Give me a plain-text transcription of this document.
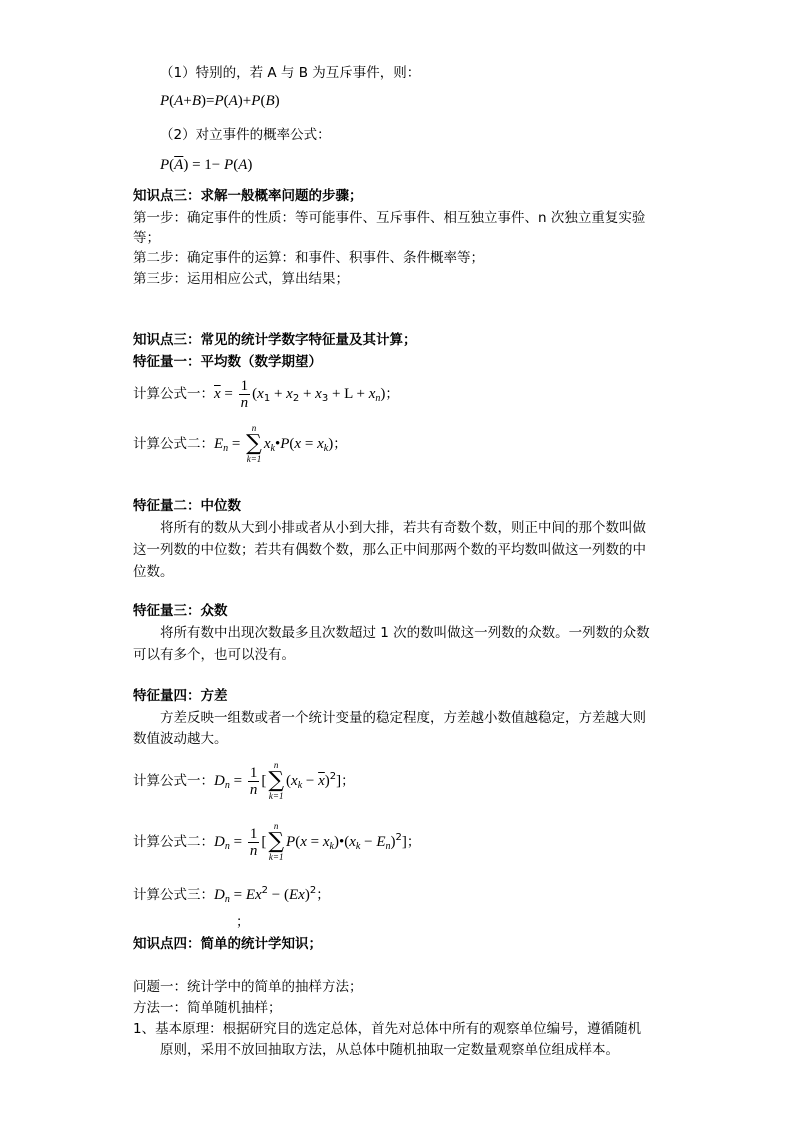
（1）特别的，若 A 与 B 为互斥事件，则：
P(A+B)=P(A)+P(B)
（2）对立事件的概率公式：
$P(\overline{A}) = 1- P(A)$
知识点三：求解一般概率问题的步骤；
第一步：确定事件的性质：等可能事件、互斥事件、相互独立事件、n 次独立重复实验
等；
第二步：确定事件的运算：和事件、积事件、条件概率等；
第三步：运用相应公式，算出结果；
知识点三：常见的统计学数字特征量及其计算；
特征量一：平均数（数学期望）
计算公式一：$\overline{x} = \frac{1}{n} (x_1 + x_2 + x_3 + L + x_n)$；
计算公式二：$E_n$ =
n
∑
k=1
$x_k•P(x = x_k)$；
特征量二：中位数
将所有的数从大到小排或者从小到大排，若共有奇数个数，则正中间的那个数叫做
这一列数的中位数；若共有偶数个数，那么正中间那两个数的平均数叫做这一列数的中
位数。
特征量三：众数
将所有数中出现次数最多且次数超过 1 次的数叫做这一列数的众数。一列数的众数
可以有多个，也可以没有。
特征量四：方差
方差反映一组数或者一个统计变量的稳定程度，方差越小数值越稳定，方差越大则
数值波动越大。
计算公式一：$D_n = \frac{1}{n}$ [
n
∑
k=1
$(x_k - \overline{x})^2$]；
计算公式二：$D_n = \frac{1}{n}$ [
n
∑
k=1
$P(x = x_k)•(x_k - E_n)^2$]；
计算公式三：$D_n = Ex^2 - (Ex)^2$；
；
知识点四：简单的统计学知识；
问题一：统计学中的简单的抽样方法；
方法一：简单随机抽样；
1、基本原理：根据研究目的选定总体，首先对总体中所有的观察单位编号，遵循随机
原则，采用不放回抽取方法，从总体中随机抽取一定数量观察单位组成样本。
